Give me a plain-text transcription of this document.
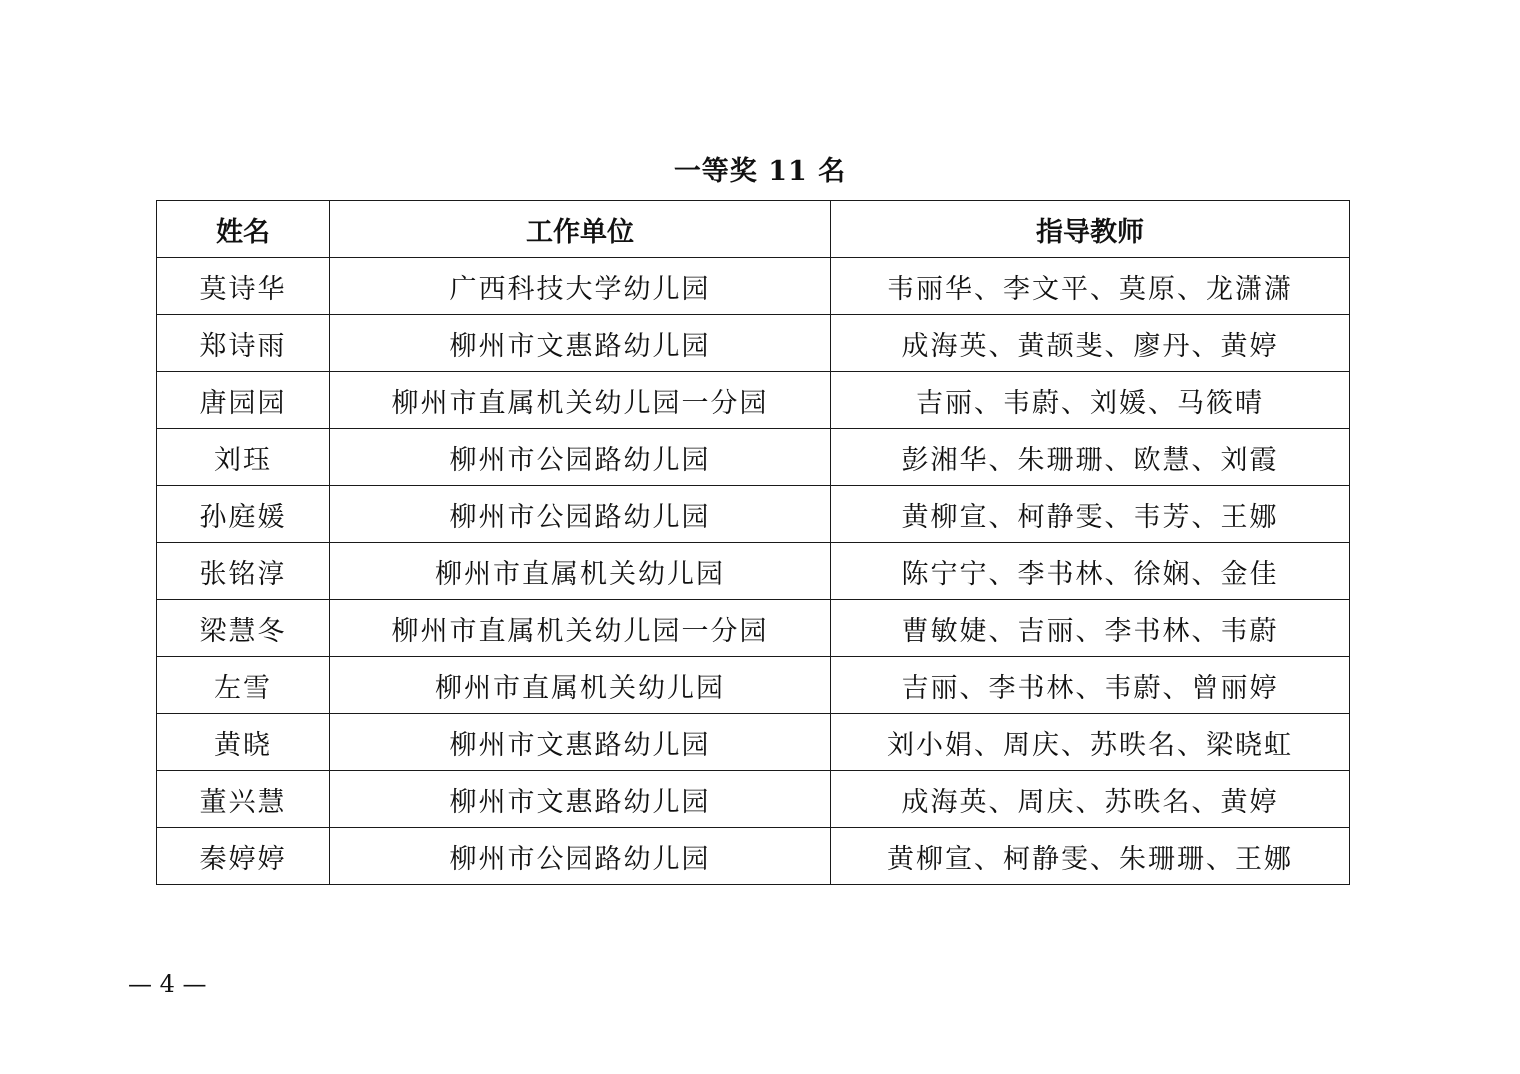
一等奖 11 名
姓名	工作单位	指导教师
莫诗华	广西科技大学幼儿园	韦丽华、李文平、莫原、龙潇潇
郑诗雨	柳州市文惠路幼儿园	成海英、黄颉斐、廖丹、黄婷
唐园园	柳州市直属机关幼儿园一分园	吉丽、韦蔚、刘媛、马筱晴
刘珏	柳州市公园路幼儿园	彭湘华、朱珊珊、欧慧、刘霞
孙庭媛	柳州市公园路幼儿园	黄柳宣、柯静雯、韦芳、王娜
张铭淳	柳州市直属机关幼儿园	陈宁宁、李书林、徐娴、金佳
梁慧冬	柳州市直属机关幼儿园一分园	曹敏婕、吉丽、李书林、韦蔚
左雪	柳州市直属机关幼儿园	吉丽、李书林、韦蔚、曾丽婷
黄晓	柳州市文惠路幼儿园	刘小娟、周庆、苏昳名、梁晓虹
董兴慧	柳州市文惠路幼儿园	成海英、周庆、苏昳名、黄婷
秦婷婷	柳州市公园路幼儿园	黄柳宣、柯静雯、朱珊珊、王娜
— 4 —
